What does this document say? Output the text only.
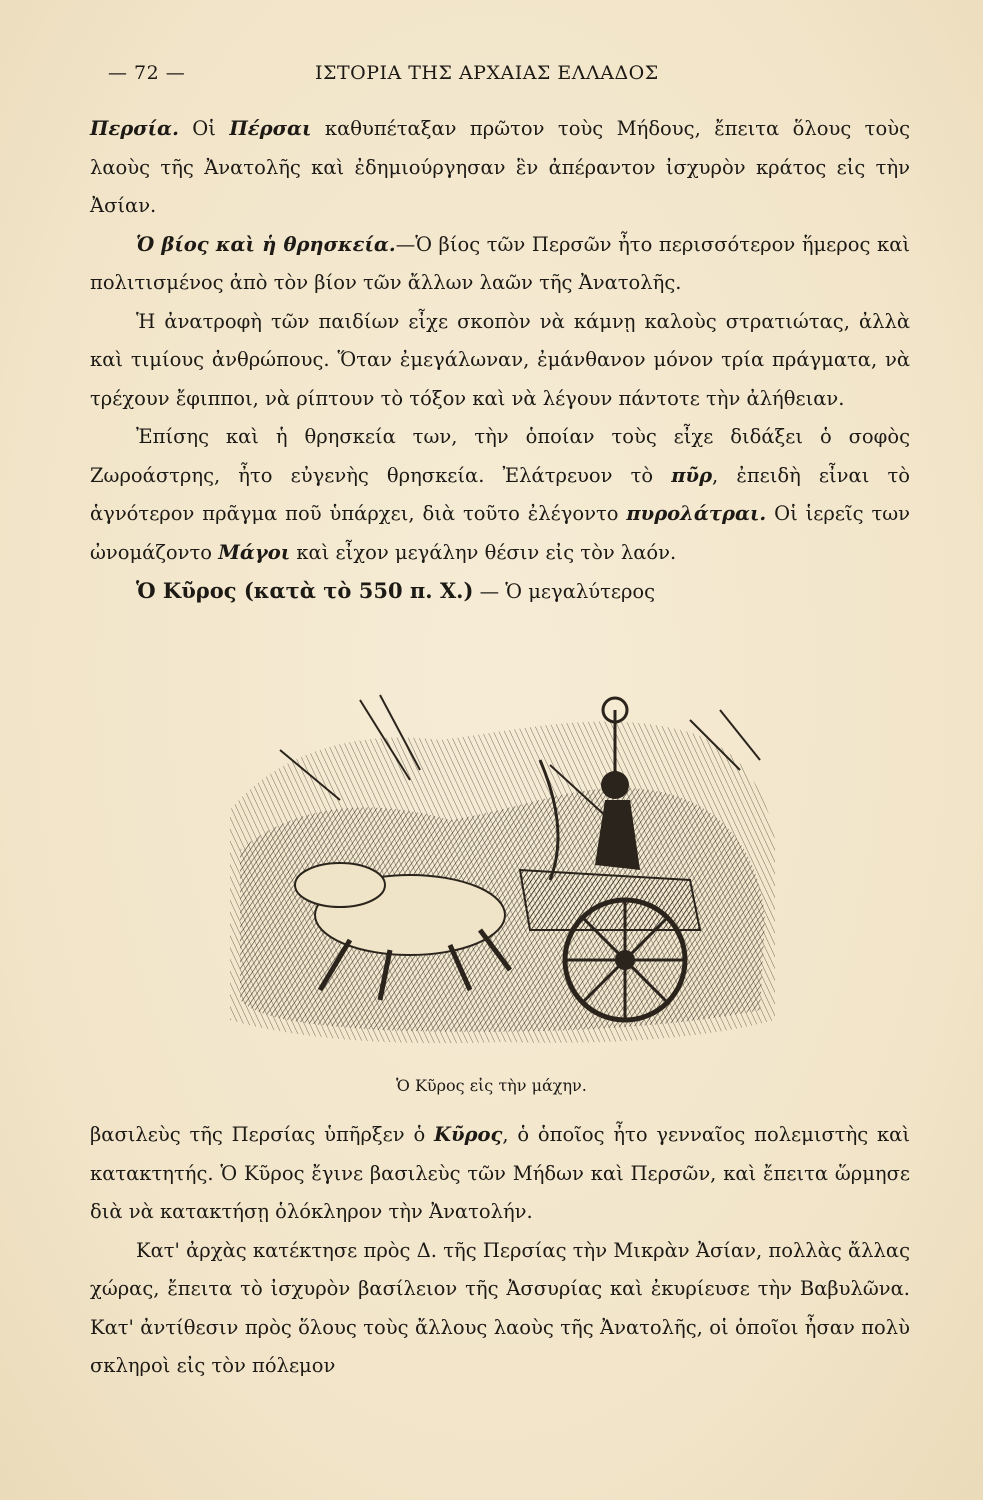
— 72 —	ΙΣΤΟΡΙΑ ΤΗΣ ΑΡΧΑΙΑΣ ΕΛΛΑΔΟΣ

Περσία. Οἱ Πέρσαι καθυπέταξαν πρῶτον τοὺς Μήδους, ἔπειτα ὅλους τοὺς λαοὺς τῆς Ἀνατολῆς καὶ ἐδημιούργησαν ἓν ἀπέραντον ἰσχυρὸν κράτος εἰς τὴν Ἀσίαν.

Ὁ βίος καὶ ἡ θρησκεία.—Ὁ βίος τῶν Περσῶν ἦτο περισσότερον ἥμερος καὶ πολιτισμένος ἀπὸ τὸν βίον τῶν ἄλλων λαῶν τῆς Ἀνατολῆς.

Ἡ ἀνατροφὴ τῶν παιδίων εἶχε σκοπὸν νὰ κάμνῃ καλοὺς στρατιώτας, ἀλλὰ καὶ τιμίους ἀνθρώπους. Ὅταν ἐμεγάλωναν, ἐμάνθανον μόνον τρία πράγματα, νὰ τρέχουν ἔφιπποι, νὰ ρίπτουν τὸ τόξον καὶ νὰ λέγουν πάντοτε τὴν ἀλήθειαν.

Ἐπίσης καὶ ἡ θρησκεία των, τὴν ὁποίαν τοὺς εἶχε διδάξει ὁ σοφὸς Ζωροάστρης, ἦτο εὐγενὴς θρησκεία. Ἐλάτρευον τὸ πῦρ, ἐπειδὴ εἶναι τὸ ἁγνότερον πρᾶγμα ποῦ ὑπάρχει, διὰ τοῦτο ἐλέγοντο πυρολάτραι. Οἱ ἱερεῖς των ὠνομάζοντο Μάγοι καὶ εἶχον μεγάλην θέσιν εἰς τὸν λαόν.

Ὁ Κῦρος (κατὰ τὸ 550 π. Χ.) — Ὁ μεγαλύτερος

Ὁ Κῦρος εἰς τὴν μάχην.

βασιλεὺς τῆς Περσίας ὑπῆρξεν ὁ Κῦρος, ὁ ὁποῖος ἦτο γενναῖος πολεμιστὴς καὶ κατακτητής. Ὁ Κῦρος ἔγινε βασιλεὺς τῶν Μήδων καὶ Περσῶν, καὶ ἔπειτα ὥρμησε διὰ νὰ κατακτήσῃ ὁλόκληρον τὴν Ἀνατολήν.

Κατ' ἀρχὰς κατέκτησε πρὸς Δ. τῆς Περσίας τὴν Μικρὰν Ἀσίαν, πολλὰς ἄλλας χώρας, ἔπειτα τὸ ἰσχυρὸν βασίλειον τῆς Ἀσσυρίας καὶ ἐκυρίευσε τὴν Βαβυλῶνα. Κατ' ἀντίθεσιν πρὸς ὅλους τοὺς ἄλλους λαοὺς τῆς Ἀνατολῆς, οἱ ὁποῖοι ἦσαν πολὺ σκληροὶ εἰς τὸν πόλεμον
